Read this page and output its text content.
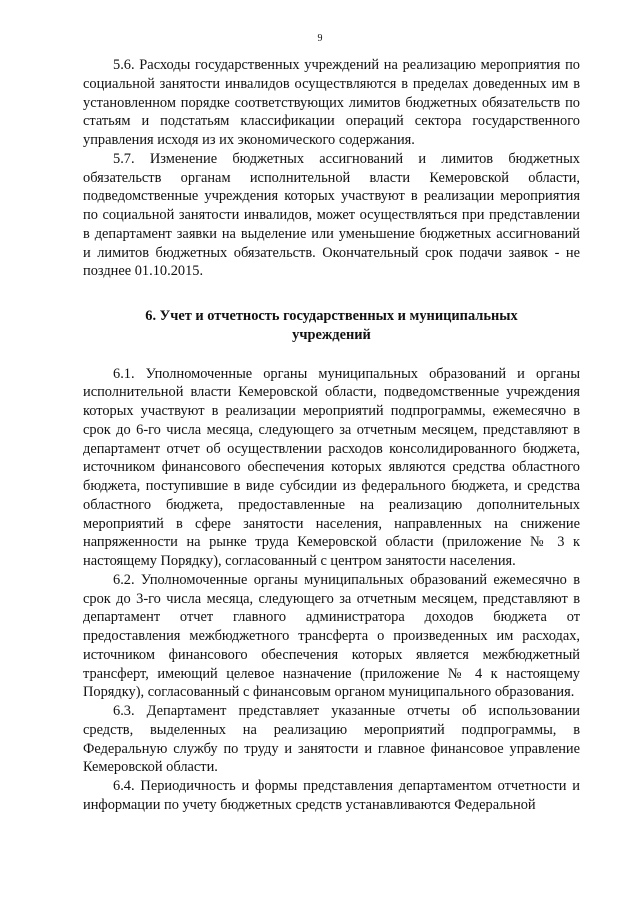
9

5.6. Расходы государственных учреждений на реализацию мероприятия по социальной занятости инвалидов осуществляются в пределах доведенных им в установленном порядке соответствующих лимитов бюджетных обязательств по статьям и подстатьям классификации операций сектора государственного управления исходя из их экономического содержания.

5.7. Изменение бюджетных ассигнований и лимитов бюджетных обязательств органам исполнительной власти Кемеровской области, подведомственные учреждения которых участвуют в реализации мероприятия по социальной занятости инвалидов, может осуществляться при представлении в департамент заявки на выделение или уменьшение бюджетных ассигнований и лимитов бюджетных обязательств. Окончательный срок подачи заявок - не позднее 01.10.2015.

6. Учет и отчетность государственных и муниципальных учреждений

6.1. Уполномоченные органы муниципальных образований и органы исполнительной власти Кемеровской области, подведомственные учреждения которых участвуют в реализации мероприятий подпрограммы, ежемесячно в срок до 6-го числа месяца, следующего за отчетным месяцем, представляют в департамент отчет об осуществлении расходов консолидированного бюджета, источником финансового обеспечения которых являются средства областного бюджета, поступившие в виде субсидии из федерального бюджета, и средства областного бюджета, предоставленные на реализацию дополнительных мероприятий в сфере занятости населения, направленных на снижение напряженности на рынке труда Кемеровской области (приложение № 3 к настоящему Порядку), согласованный с центром занятости населения.

6.2. Уполномоченные органы муниципальных образований ежемесячно в срок до 3-го числа месяца, следующего за отчетным месяцем, представляют в департамент отчет главного администратора доходов бюджета от предоставления межбюджетного трансферта о произведенных им расходах, источником финансового обеспечения которых является межбюджетный трансферт, имеющий целевое назначение (приложение № 4 к настоящему Порядку), согласованный с финансовым органом муниципального образования.

6.3. Департамент представляет указанные отчеты об использовании средств, выделенных на реализацию мероприятий подпрограммы, в Федеральную службу по труду и занятости и главное финансовое управление Кемеровской области.

6.4. Периодичность и формы представления департаментом отчетности и информации по учету бюджетных средств устанавливаются Федеральной
